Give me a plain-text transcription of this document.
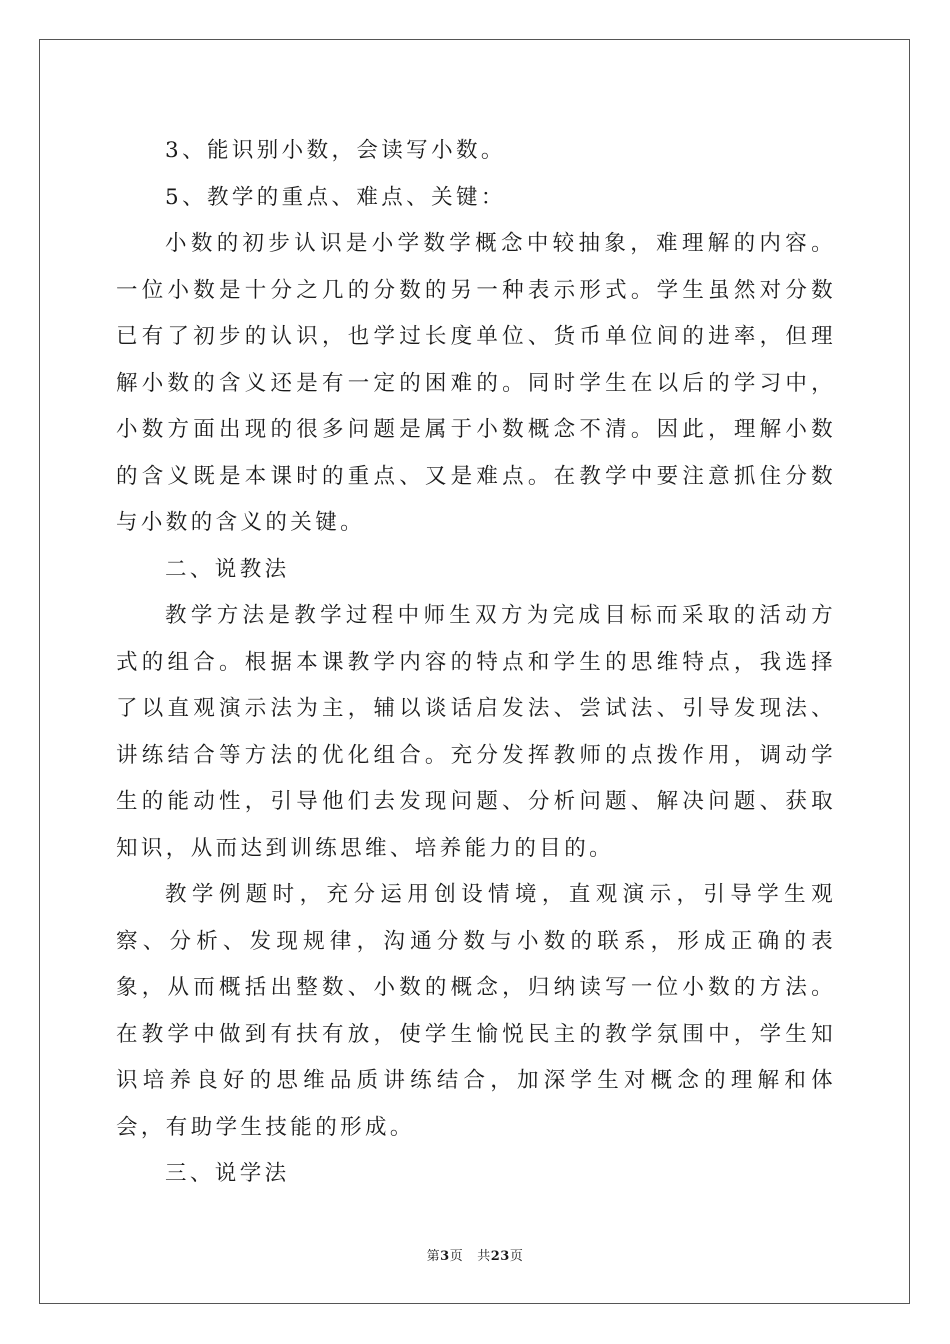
3、能识别小数，会读写小数。

5、教学的重点、难点、关键：

小数的初步认识是小学数学概念中较抽象，难理解的内容。一位小数是十分之几的分数的另一种表示形式。学生虽然对分数已有了初步的认识，也学过长度单位、货币单位间的进率，但理解小数的含义还是有一定的困难的。同时学生在以后的学习中，小数方面出现的很多问题是属于小数概念不清。因此，理解小数的含义既是本课时的重点、又是难点。在教学中要注意抓住分数与小数的含义的关键。

二、说教法

教学方法是教学过程中师生双方为完成目标而采取的活动方式的组合。根据本课教学内容的特点和学生的思维特点，我选择了以直观演示法为主，辅以谈话启发法、尝试法、引导发现法、讲练结合等方法的优化组合。充分发挥教师的点拨作用，调动学生的能动性，引导他们去发现问题、分析问题、解决问题、获取知识，从而达到训练思维、培养能力的目的。

教学例题时，充分运用创设情境，直观演示，引导学生观察、分析、发现规律，沟通分数与小数的联系，形成正确的表象，从而概括出整数、小数的概念，归纳读写一位小数的方法。在教学中做到有扶有放，使学生愉悦民主的教学氛围中，学生知识培养良好的思维品质讲练结合，加深学生对概念的理解和体会，有助学生技能的形成。

三、说学法

第3页 共23页
